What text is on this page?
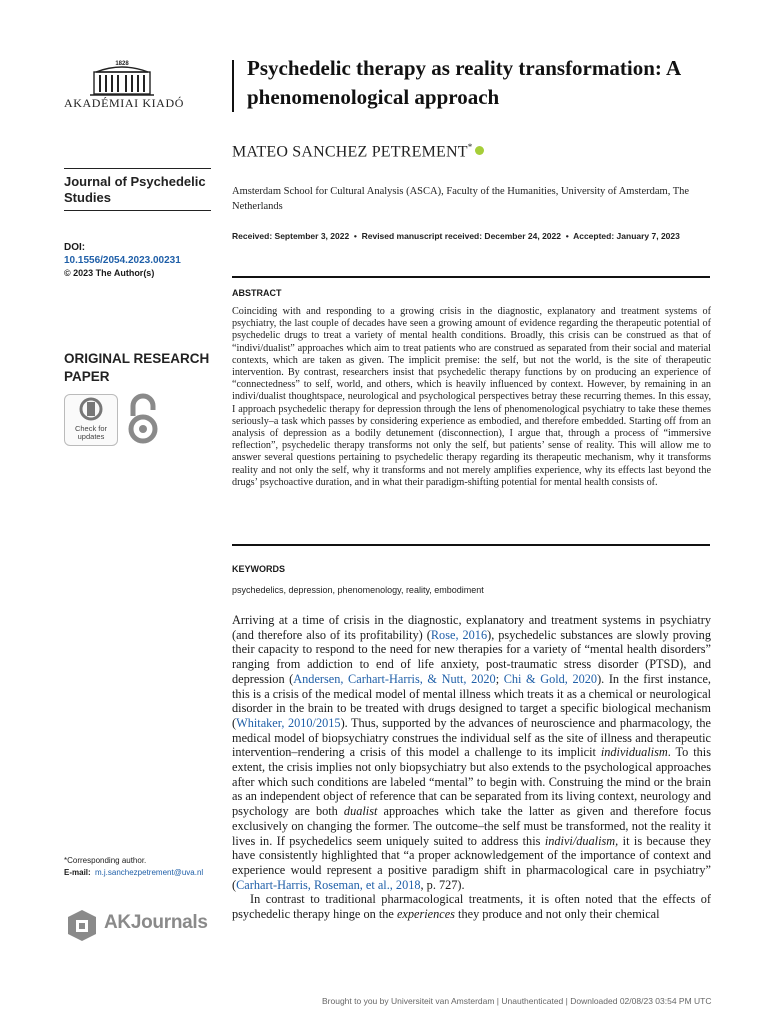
1828
AKADÉMIAI KIADÓ
Journal of Psychedelic Studies
DOI:
10.1556/2054.2023.00231
© 2023 The Author(s)
ORIGINAL RESEARCH PAPER
Check for updates
*Corresponding author.
E-mail: m.j.sanchezpetrement@uva.nl
AKJournals
Psychedelic therapy as reality transformation: A phenomenological approach
MATEO SANCHEZ PETREMENT*
Amsterdam School for Cultural Analysis (ASCA), Faculty of the Humanities, University of Amsterdam, The Netherlands
Received: September 3, 2022  •  Revised manuscript received: December 24, 2022  •  Accepted: January 7, 2023
ABSTRACT
Coinciding with and responding to a growing crisis in the diagnostic, explanatory and treatment systems of psychiatry, the last couple of decades have seen a growing amount of evidence regarding the therapeutic potential of psychedelic drugs to treat a variety of mental health conditions. Broadly, this crisis can be construed as that of “indivi/dualist” approaches which aim to treat patients who are construed as separated from their social and material contexts, which are taken as given. The implicit premise: the self, but not the world, is the site of therapeutic intervention. By contrast, researchers insist that psychedelic therapy functions by on producing an experience of “connectedness” to self, world, and others, which is heavily influenced by context. However, by remaining in an indivi/dualist thoughtspace, neurological and psychological perspectives betray these recurring themes. In this essay, I approach psychedelic therapy for depression through the lens of phenomenological psychiatry to take these themes seriously–a task which passes by considering experience as embodied, and therefore embedded. Starting off from an analysis of depression as a bodily detunement (disconnection), I argue that, through a process of “immersive reflection”, psychedelic therapy transforms not only the self, but patients’ sense of reality. This will allow me to answer several questions pertaining to psychedelic therapy regarding its therapeutic mechanism, why it transforms reality and not only the self, why it transforms and not merely amplifies experience, why its effects last beyond the drugs’ psychoactive duration, and in what their paradigm-shifting potential for mental health consists of.
KEYWORDS
psychedelics, depression, phenomenology, reality, embodiment

Arriving at a time of crisis in the diagnostic, explanatory and treatment systems in psychiatry (and therefore also of its profitability) (Rose, 2016), psychedelic substances are slowly proving their capacity to respond to the need for new therapies for a variety of “mental health disorders” ranging from addiction to end of life anxiety, post-traumatic stress disorder (PTSD), and depression (Andersen, Carhart-Harris, & Nutt, 2020; Chi & Gold, 2020). In the first instance, this is a crisis of the medical model of mental illness which treats it as a chemical or neurological disorder in the brain to be treated with drugs designed to target a specific biological mechanism (Whitaker, 2010/2015). Thus, supported by the advances of neuroscience and pharmacology, the medical model of biopsychiatry construes the individual self as the site of illness and therapeutic intervention–rendering a crisis of this model a challenge to its implicit individualism. To this extent, the crisis implies not only biopsychiatry but also extends to the psychological approaches after which such conditions are labeled “mental” to begin with. Construing the mind or the brain as an independent object of reference that can be separated from its living context, neurology and psychology are both dualist approaches which take the latter as given and therefore focus exclusively on changing the former. The outcome–the self must be transformed, not the reality it lives in. If psychedelics seem uniquely suited to address this indivi/dualism, it is because they have consistently highlighted that “a proper acknowledgement of the importance of context and experience would represent a positive paradigm shift in pharmacological care in psychiatry” (Carhart-Harris, Roseman, et al., 2018, p. 727).

In contrast to traditional pharmacological treatments, it is often noted that the effects of psychedelic therapy hinge on the experiences they produce and not only their chemical

Brought to you by Universiteit van Amsterdam | Unauthenticated | Downloaded 02/08/23 03:54 PM UTC
